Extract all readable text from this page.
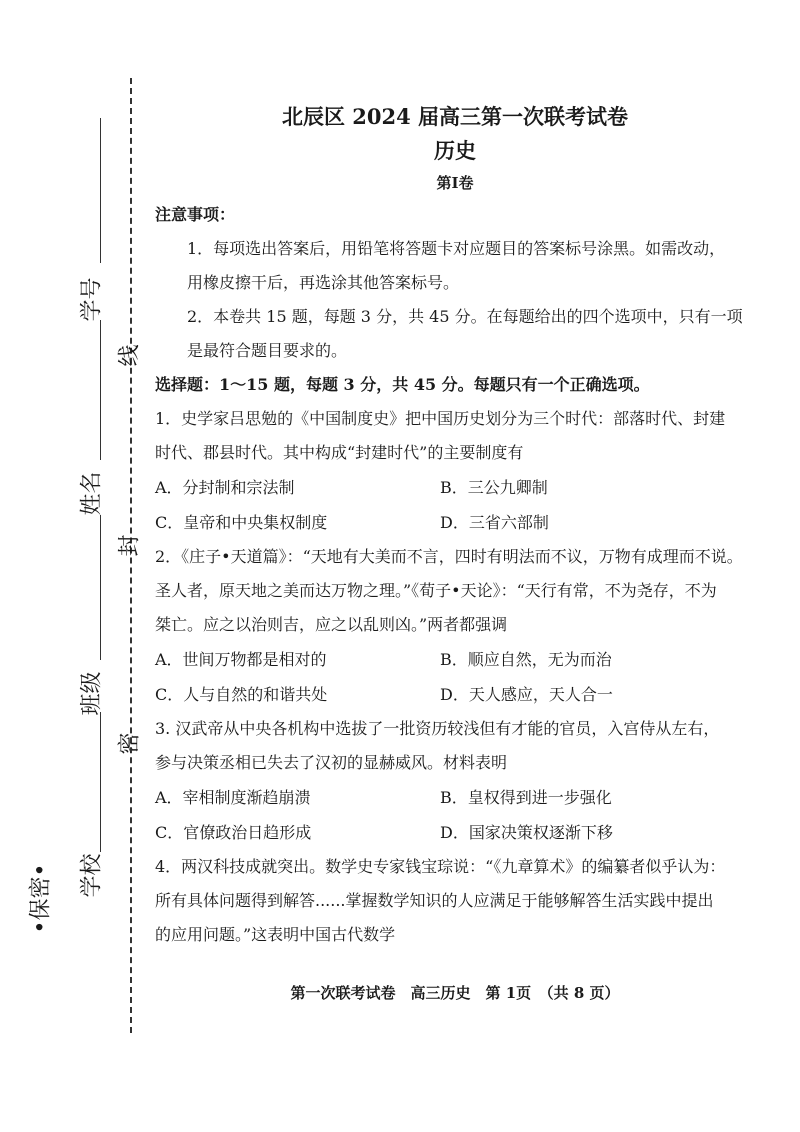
学号
姓名
班级
学校
•保密•
线
封
密
北辰区 2024 届高三第一次联考试卷
历史
第Ⅰ卷
注意事项：
1．每项选出答案后，用铅笔将答题卡对应题目的答案标号涂黑。如需改动，
用橡皮擦干后，再选涂其他答案标号。
2．本卷共 15 题，每题 3 分，共 45 分。在每题给出的四个选项中，只有一项
是最符合题目要求的。
选择题：1～15 题，每题 3 分，共 45 分。每题只有一个正确选项。
1．史学家吕思勉的《中国制度史》把中国历史划分为三个时代：部落时代、封建
时代、郡县时代。其中构成“封建时代”的主要制度有
A．分封制和宗法制	B．三公九卿制
C．皇帝和中央集权制度	D．三省六部制
2．《庄子•天道篇》：“天地有大美而不言，四时有明法而不议，万物有成理而不说。
圣人者，原天地之美而达万物之理。”《荀子•天论》：“天行有常，不为尧存，不为
桀亡。应之以治则吉，应之以乱则凶。”两者都强调
A．世间万物都是相对的	B．顺应自然，无为而治
C．人与自然的和谐共处	D．天人感应，天人合一
3. 汉武帝从中央各机构中选拔了一批资历较浅但有才能的官员，入宫侍从左右，
参与决策丞相已失去了汉初的显赫威风。材料表明
A．宰相制度渐趋崩溃	B．皇权得到进一步强化
C．官僚政治日趋形成	D．国家决策权逐渐下移
4．两汉科技成就突出。数学史专家钱宝琮说：“《九章算术》的编纂者似乎认为：
所有具体问题得到解答......掌握数学知识的人应满足于能够解答生活实践中提出
的应用问题。”这表明中国古代数学
第一次联考试卷　高三历史　第 1页　（共 8 页）
